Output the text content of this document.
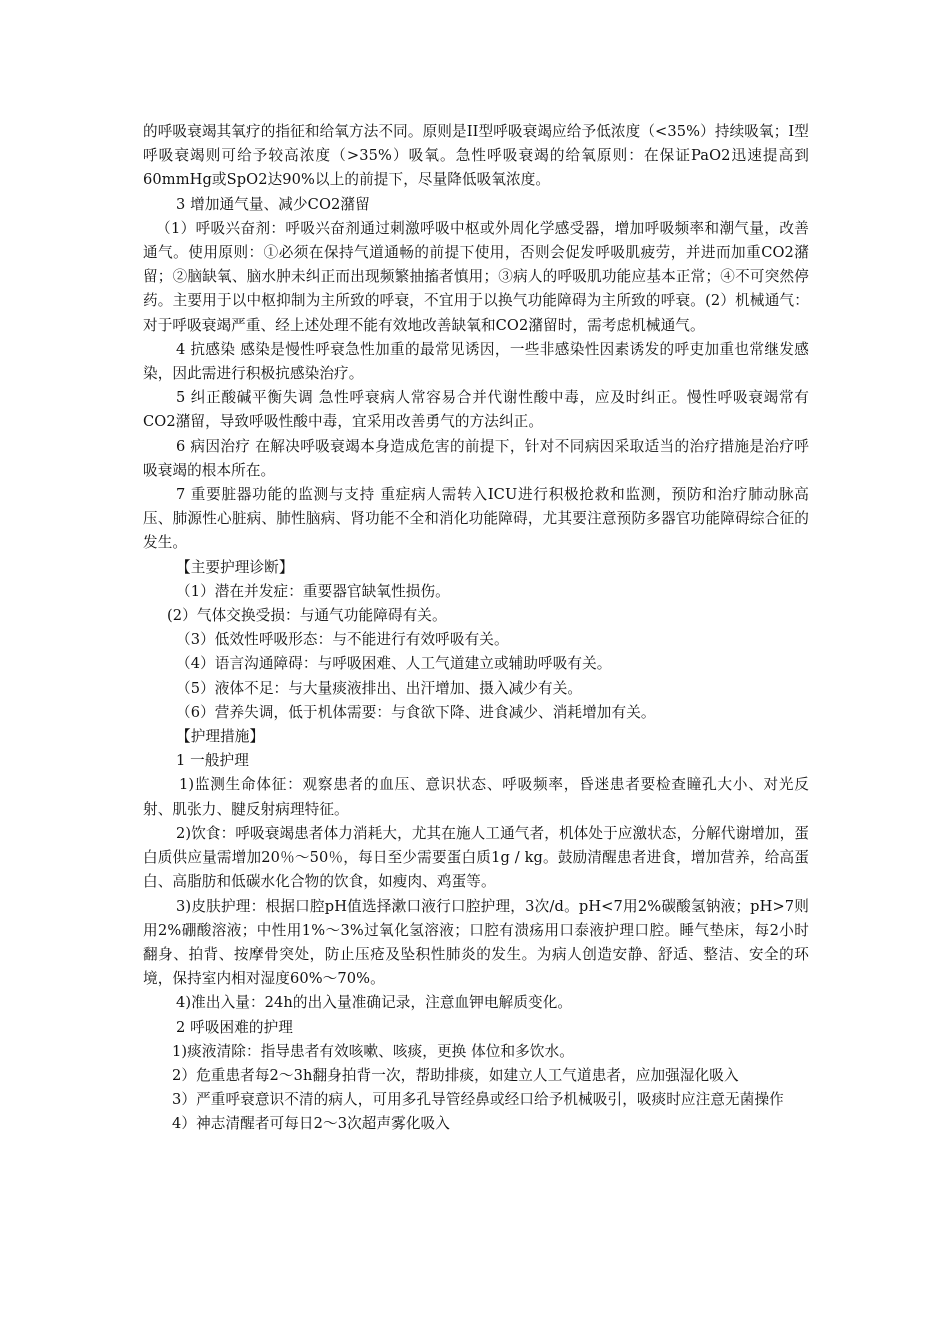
的呼吸衰竭其氧疗的指征和给氧方法不同。原则是II型呼吸衰竭应给予低浓度（<35%）持续吸氧；I型呼吸衰竭则可给予较高浓度（>35%）吸氧。急性呼吸衰竭的给氧原则：在保证PaO2迅速提高到60mmHg或SpO2达90%以上的前提下，尽量降低吸氧浓度。

3 增加通气量、减少CO2潴留

（1）呼吸兴奋剂：呼吸兴奋剂通过刺激呼吸中枢或外周化学感受器，增加呼吸频率和潮气量，改善通气。使用原则：①必须在保持气道通畅的前提下使用，否则会促发呼吸肌疲劳，并进而加重CO2潴留；②脑缺氧、脑水肿未纠正而出现频繁抽搐者慎用；③病人的呼吸肌功能应基本正常；④不可突然停药。主要用于以中枢抑制为主所致的呼衰，不宜用于以换气功能障碍为主所致的呼衰。(2）机械通气：对于呼吸衰竭严重、经上述处理不能有效地改善缺氧和CO2潴留时，需考虑机械通气。

4 抗感染 感染是慢性呼衰急性加重的最常见诱因，一些非感染性因素诱发的呼吏加重也常继发感染，因此需进行积极抗感染治疗。

5 纠正酸碱平衡失调 急性呼衰病人常容易合并代谢性酸中毒，应及时纠正。慢性呼吸衰竭常有CO2潴留，导致呼吸性酸中毒，宜采用改善勇气的方法纠正。

6 病因治疗 在解决呼吸衰竭本身造成危害的前提下，针对不同病因采取适当的治疗措施是治疗呼吸衰竭的根本所在。

7 重要脏器功能的监测与支持 重症病人需转入ICU进行积极抢救和监测，预防和治疗肺动脉高压、肺源性心脏病、肺性脑病、肾功能不全和消化功能障碍，尤其要注意预防多器官功能障碍综合征的发生。

【主要护理诊断】

（1）潜在并发症：重要器官缺氧性损伤。

(2）气体交换受损：与通气功能障碍有关。

（3）低效性呼吸形态：与不能进行有效呼吸有关。

（4）语言沟通障碍：与呼吸困难、人工气道建立或辅助呼吸有关。

（5）液体不足：与大量痰液排出、出汗增加、摄入减少有关。

（6）营养失调，低于机体需要：与食欲下降、进食减少、消耗增加有关。

【护理措施】

1 一般护理

1)监测生命体征：观察患者的血压、意识状态、呼吸频率，昏迷患者要检查瞳孔大小、对光反射、肌张力、腱反射病理特征。

2)饮食：呼吸衰竭患者体力消耗大，尤其在施人工通气者，机体处于应激状态，分解代谢增加，蛋白质供应量需增加20％～50％，每日至少需要蛋白质1g / kg。鼓励清醒患者进食，增加营养，给高蛋白、高脂肪和低碳水化合物的饮食，如瘦肉、鸡蛋等。

3)皮肤护理：根据口腔pH值选择漱口液行口腔护理，3次/d。pH<7用2%碳酸氢钠液；pH>7则用2%硼酸溶液；中性用1%～3%过氧化氢溶液；口腔有溃疡用口泰液护理口腔。睡气垫床，每2小时翻身、拍背、按摩骨突处，防止压疮及坠积性肺炎的发生。为病人创造安静、舒适、整洁、安全的环境，保持室内相对湿度60%～70%。

4)准出入量：24h的出入量准确记录，注意血钾电解质变化。

2 呼吸困难的护理

1)痰液清除：指导患者有效咳嗽、咳痰，更换 体位和多饮水。

2）危重患者每2～3h翻身拍背一次，帮助排痰，如建立人工气道患者，应加强湿化吸入

3）严重呼衰意识不清的病人，可用多孔导管经鼻或经口给予机械吸引，吸痰时应注意无菌操作

4）神志清醒者可每日2～3次超声雾化吸入
